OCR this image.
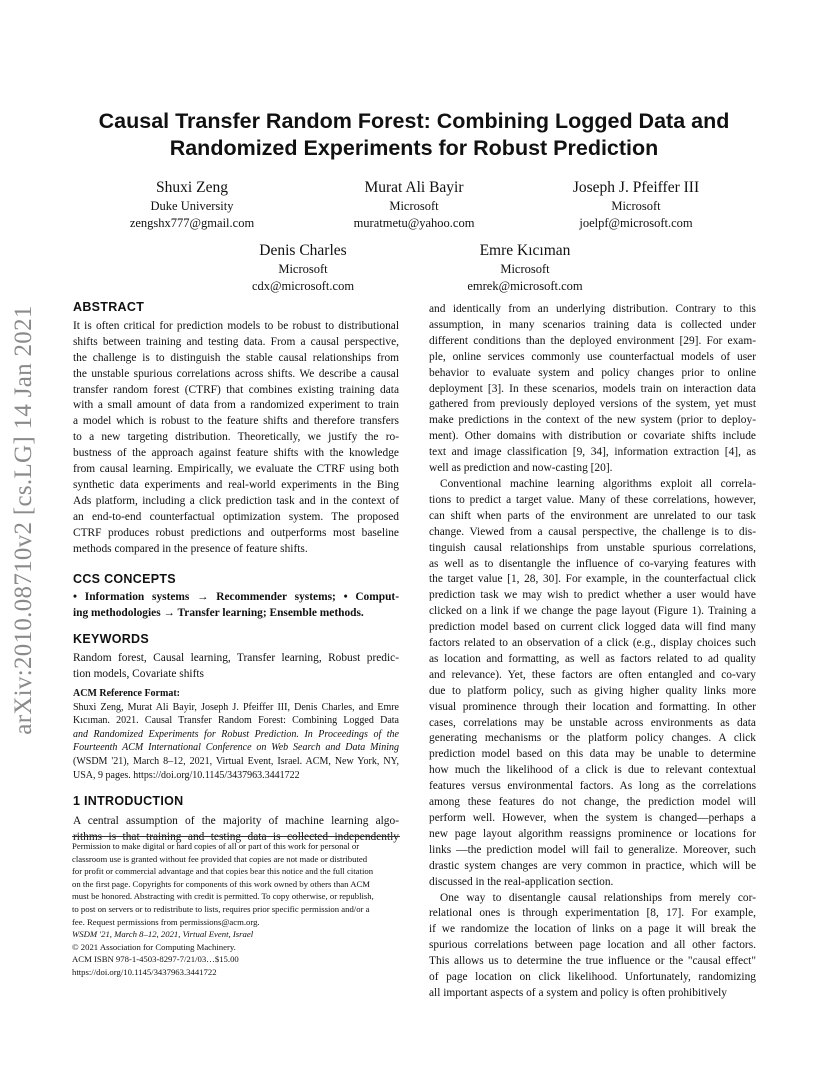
arXiv:2010.08710v2 [cs.LG] 14 Jan 2021
Causal Transfer Random Forest: Combining Logged Data and
Randomized Experiments for Robust Prediction
Shuxi Zeng
Duke University
zengshx777@gmail.com
Murat Ali Bayir
Microsoft
muratmetu@yahoo.com
Joseph J. Pfeiffer III
Microsoft
joelpf@microsoft.com
Denis Charles
Microsoft
cdx@microsoft.com
Emre Kıcıman
Microsoft
emrek@microsoft.com
ABSTRACT
It is often critical for prediction models to be robust to distributional
shifts between training and testing data. From a causal perspective,
the challenge is to distinguish the stable causal relationships from
the unstable spurious correlations across shifts. We describe a causal
transfer random forest (CTRF) that combines existing training data
with a small amount of data from a randomized experiment to train
a model which is robust to the feature shifts and therefore transfers
to a new targeting distribution. Theoretically, we justify the ro-
bustness of the approach against feature shifts with the knowledge
from causal learning. Empirically, we evaluate the CTRF using both
synthetic data experiments and real-world experiments in the Bing
Ads platform, including a click prediction task and in the context of
an end-to-end counterfactual optimization system. The proposed
CTRF produces robust predictions and outperforms most baseline
methods compared in the presence of feature shifts.
CCS CONCEPTS
• Information systems → Recommender systems; • Comput-
ing methodologies → Transfer learning; Ensemble methods.
KEYWORDS
Random forest, Causal learning, Transfer learning, Robust predic-
tion models, Covariate shifts
ACM Reference Format:
Shuxi Zeng, Murat Ali Bayir, Joseph J. Pfeiffer III, Denis Charles, and Emre
Kıcıman. 2021. Causal Transfer Random Forest: Combining Logged Data
and Randomized Experiments for Robust Prediction. In Proceedings of the
Fourteenth ACM International Conference on Web Search and Data Mining
(WSDM '21), March 8–12, 2021, Virtual Event, Israel. ACM, New York, NY,
USA, 9 pages. https://doi.org/10.1145/3437963.3441722
1 INTRODUCTION
A central assumption of the majority of machine learning algo-
rithms is that training and testing data is collected independently
Permission to make digital or hard copies of all or part of this work for personal or
classroom use is granted without fee provided that copies are not made or distributed
for profit or commercial advantage and that copies bear this notice and the full citation
on the first page. Copyrights for components of this work owned by others than ACM
must be honored. Abstracting with credit is permitted. To copy otherwise, or republish,
to post on servers or to redistribute to lists, requires prior specific permission and/or a
fee. Request permissions from permissions@acm.org.
WSDM '21, March 8–12, 2021, Virtual Event, Israel
© 2021 Association for Computing Machinery.
ACM ISBN 978-1-4503-8297-7/21/03…$15.00
https://doi.org/10.1145/3437963.3441722
and identically from an underlying distribution. Contrary to this
assumption, in many scenarios training data is collected under
different conditions than the deployed environment [29]. For exam-
ple, online services commonly use counterfactual models of user
behavior to evaluate system and policy changes prior to online
deployment [3]. In these scenarios, models train on interaction data
gathered from previously deployed versions of the system, yet must
make predictions in the context of the new system (prior to deploy-
ment). Other domains with distribution or covariate shifts include
text and image classification [9, 34], information extraction [4], as
well as prediction and now-casting [20].
Conventional machine learning algorithms exploit all correla-
tions to predict a target value. Many of these correlations, however,
can shift when parts of the environment are unrelated to our task
change. Viewed from a causal perspective, the challenge is to dis-
tinguish causal relationships from unstable spurious correlations,
as well as to disentangle the influence of co-varying features with
the target value [1, 28, 30]. For example, in the counterfactual click
prediction task we may wish to predict whether a user would have
clicked on a link if we change the page layout (Figure 1). Training a
prediction model based on current click logged data will find many
factors related to an observation of a click (e.g., display choices such
as location and formatting, as well as factors related to ad quality
and relevance). Yet, these factors are often entangled and co-vary
due to platform policy, such as giving higher quality links more
visual prominence through their location and formatting. In other
cases, correlations may be unstable across environments as data
generating mechanisms or the platform policy changes. A click
prediction model based on this data may be unable to determine
how much the likelihood of a click is due to relevant contextual
features versus environmental factors. As long as the correlations
among these features do not change, the prediction model will
perform well. However, when the system is changed—perhaps a
new page layout algorithm reassigns prominence or locations for
links —the prediction model will fail to generalize. Moreover, such
drastic system changes are very common in practice, which will be
discussed in the real-application section.
One way to disentangle causal relationships from merely cor-
relational ones is through experimentation [8, 17]. For example,
if we randomize the location of links on a page it will break the
spurious correlations between page location and all other factors.
This allows us to determine the true influence or the "causal effect"
of page location on click likelihood. Unfortunately, randomizing
all important aspects of a system and policy is often prohibitively
